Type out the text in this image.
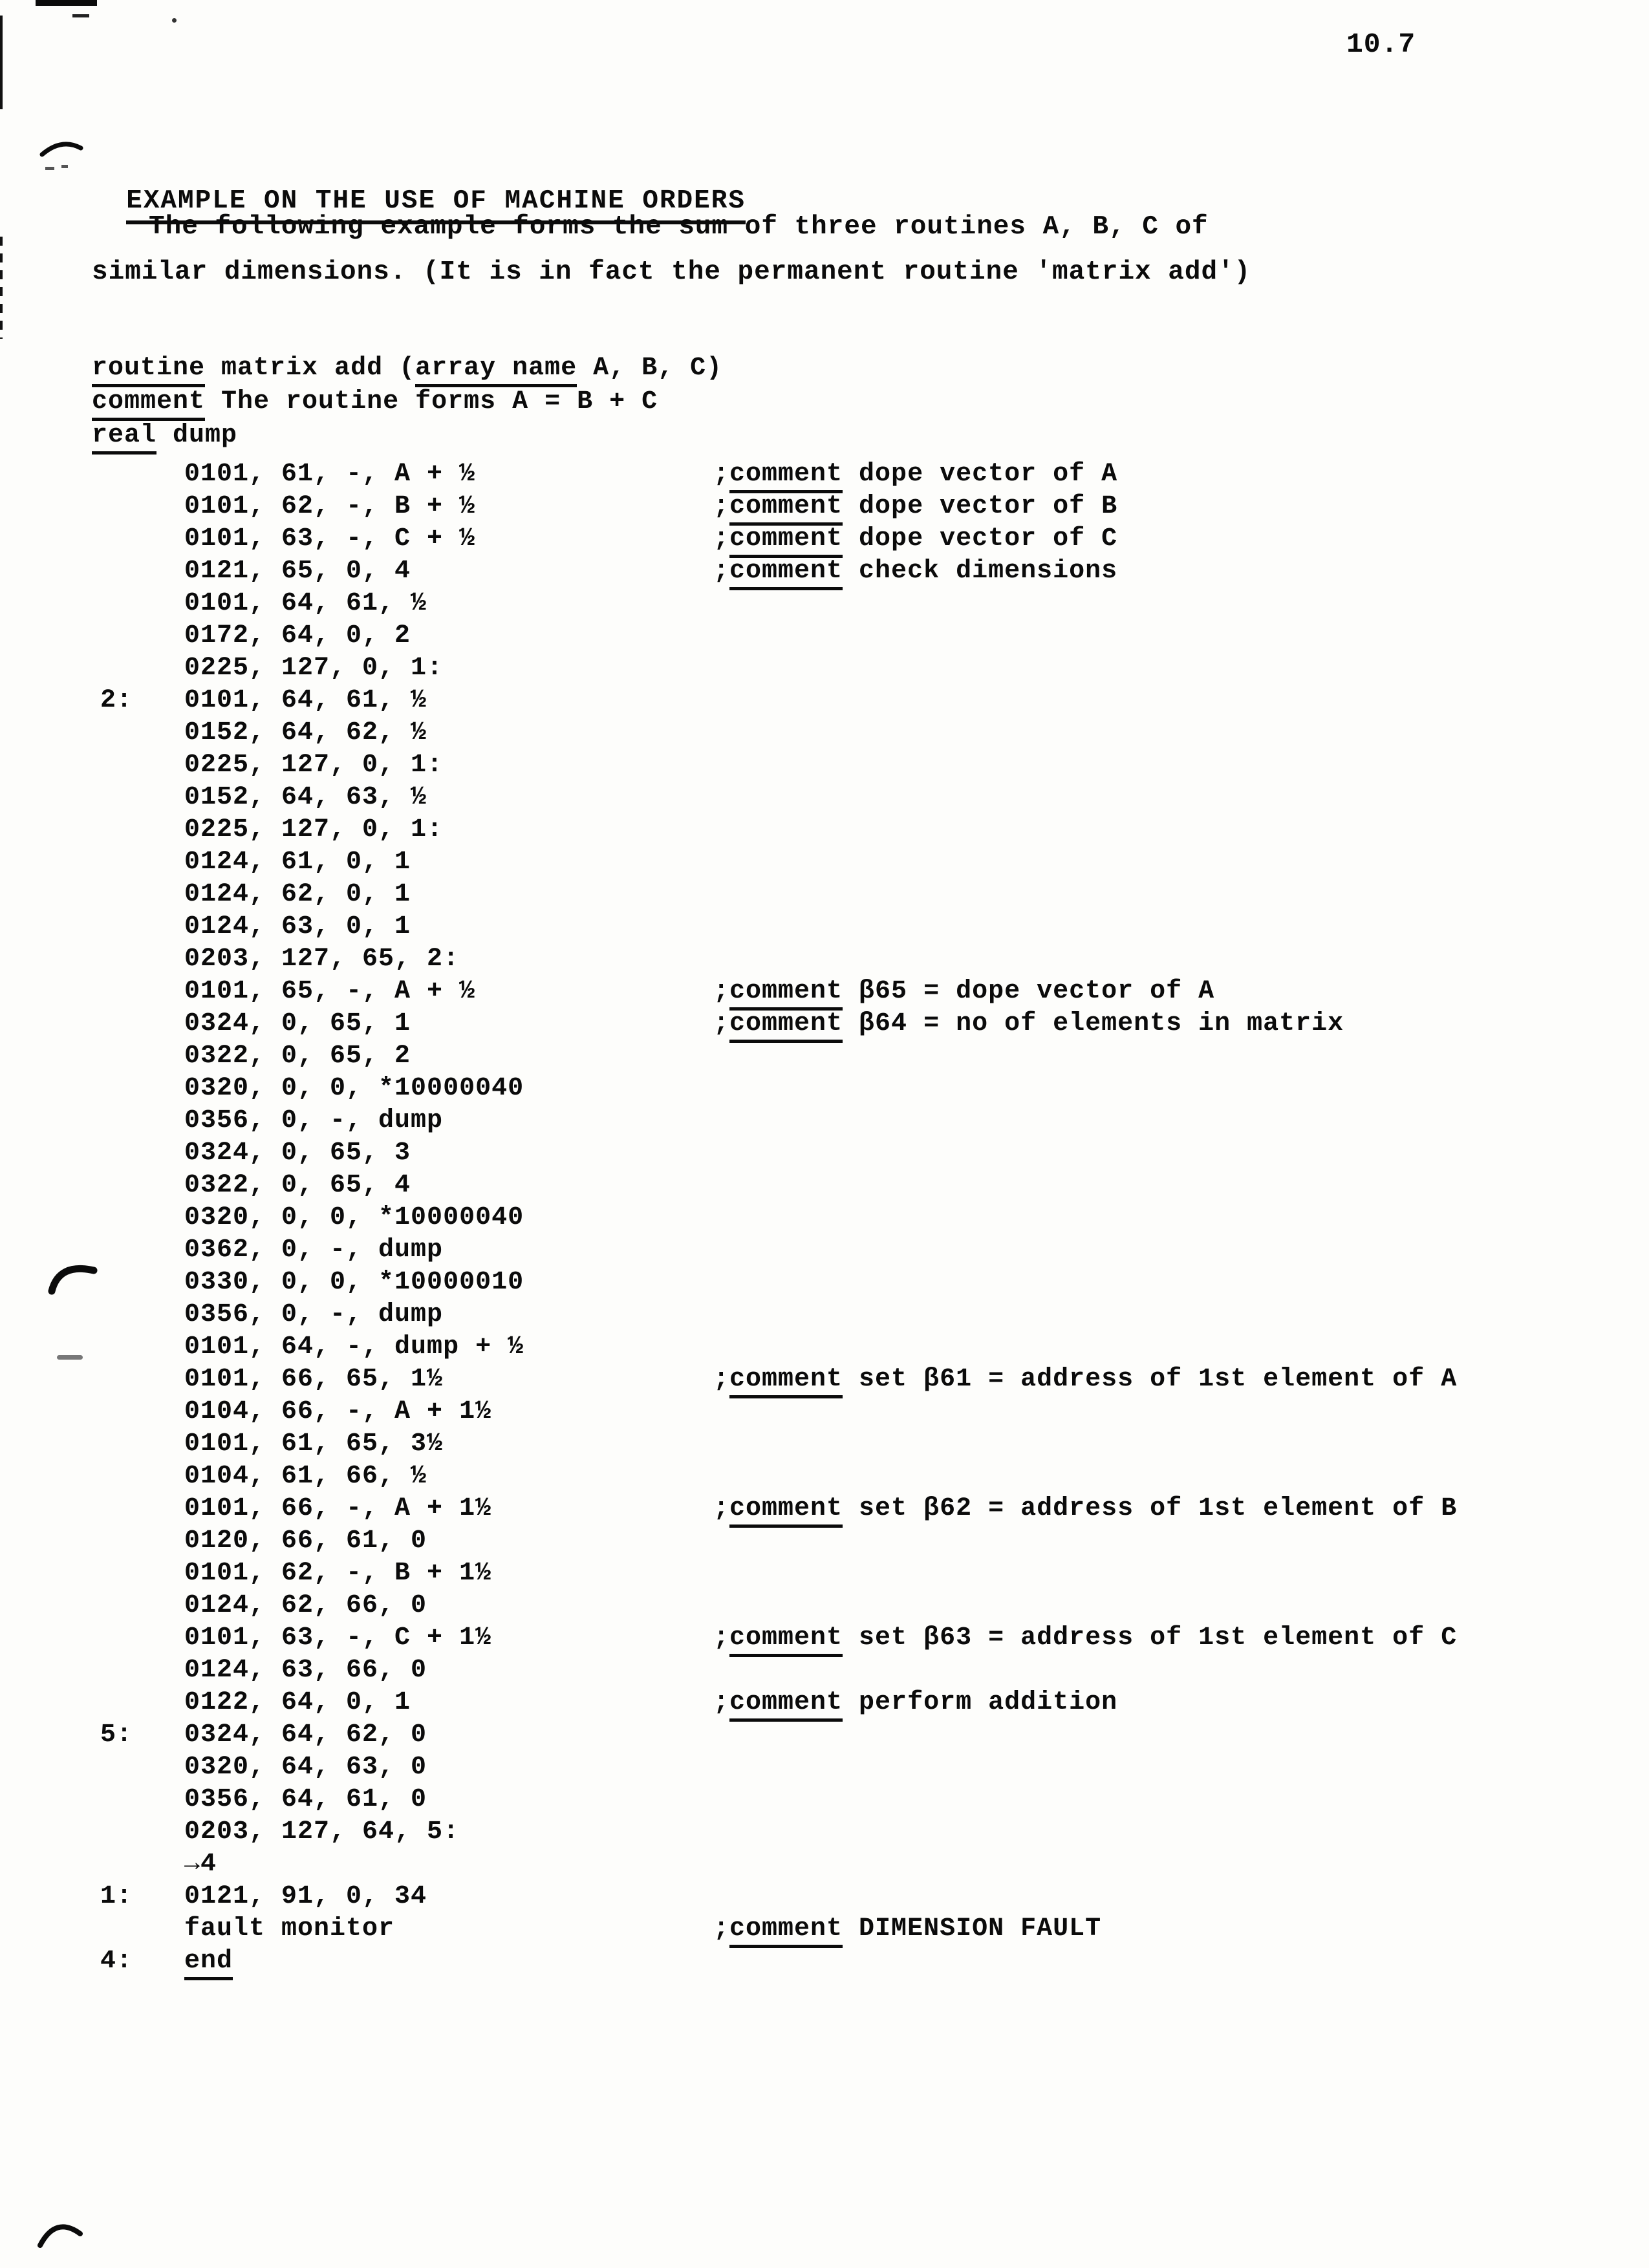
10.7

EXAMPLE ON THE USE OF MACHINE ORDERS

The following example forms the sum of three routines A, B, C of
similar dimensions. (It is in fact the permanent routine 'matrix add')
routine matrix add (array name A, B, C)
comment The routine forms A = B + C
real dump
0101, 61, -, A + ½	;comment dope vector of A
0101, 62, -, B + ½	;comment dope vector of B
0101, 63, -, C + ½	;comment dope vector of C
0121, 65, 0, 4	;comment check dimensions
0101, 64, 61, ½
0172, 64, 0, 2
0225, 127, 0, 1:
2: 0101, 64, 61, ½
0152, 64, 62, ½
0225, 127, 0, 1:
0152, 64, 63, ½
0225, 127, 0, 1:
0124, 61, 0, 1
0124, 62, 0, 1
0124, 63, 0, 1
0203, 127, 65, 2:
0101, 65, -, A + ½	;comment β65 = dope vector of A
0324, 0, 65, 1	;comment β64 = no of elements in matrix
0322, 0, 65, 2
0320, 0, 0, *10000040
0356, 0, -, dump
0324, 0, 65, 3
0322, 0, 65, 4
0320, 0, 0, *10000040
0362, 0, -, dump
0330, 0, 0, *10000010
0356, 0, -, dump
0101, 64, -, dump + ½
0101, 66, 65, 1½	;comment set β61 = address of 1st element of A
0104, 66, -, A + 1½
0101, 61, 65, 3½
0104, 61, 66, ½
0101, 66, -, A + 1½	;comment set β62 = address of 1st element of B
0120, 66, 61, 0
0101, 62, -, B + 1½
0124, 62, 66, 0
0101, 63, -, C + 1½	;comment set β63 = address of 1st element of C
0124, 63, 66, 0
0122, 64, 0, 1	;comment perform addition
5: 0324, 64, 62, 0
0320, 64, 63, 0
0356, 64, 61, 0
0203, 127, 64, 5:
→4
1: 0121, 91, 0, 34
fault monitor	;comment DIMENSION FAULT
4: end
